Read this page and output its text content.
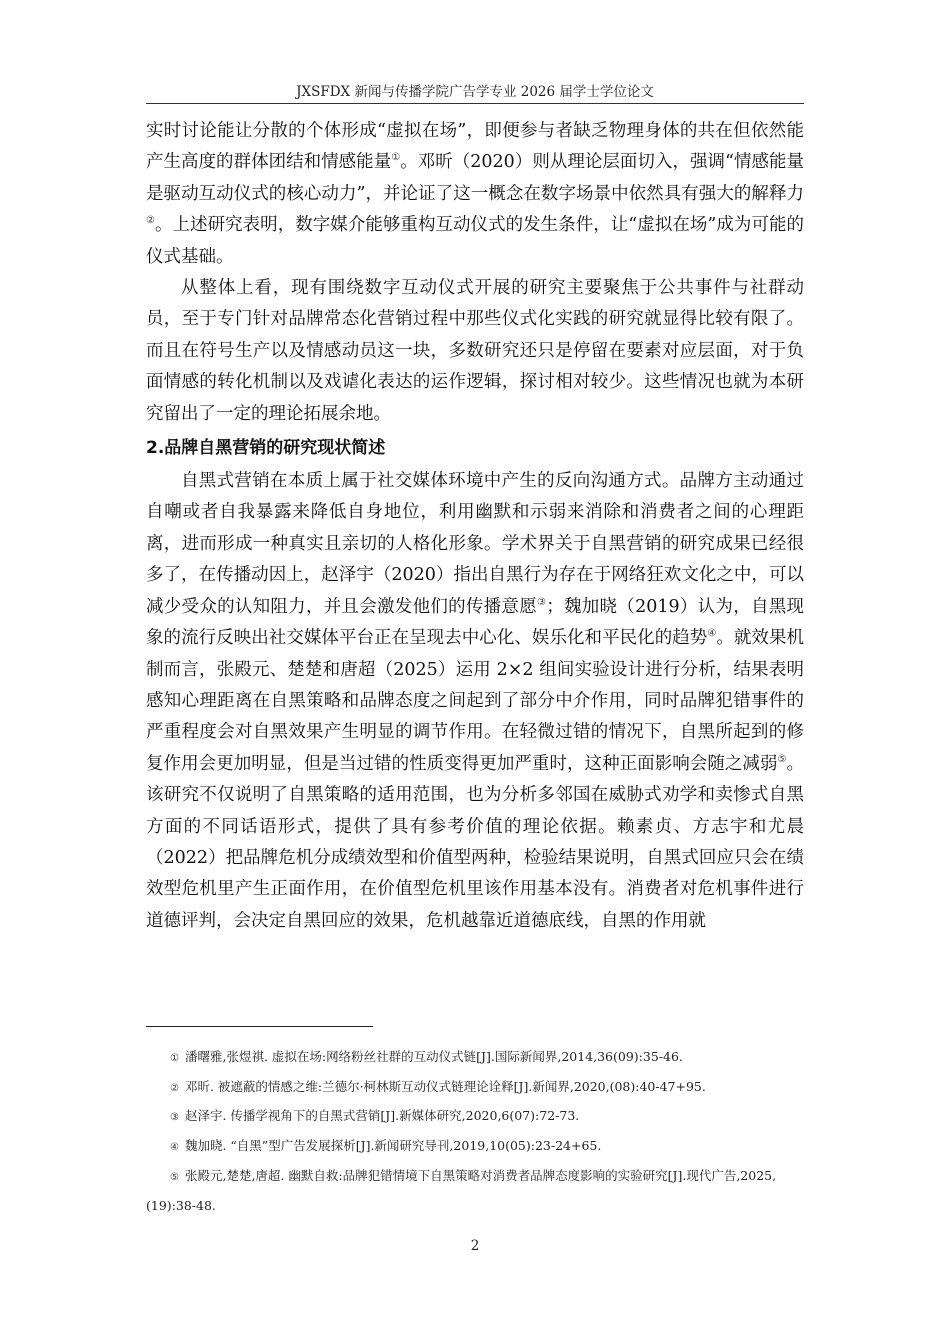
JXSFDX 新闻与传播学院广告学专业 2026 届学士学位论文

实时讨论能让分散的个体形成“虚拟在场”，即便参与者缺乏物理身体的共在但依然能产生高度的群体团结和情感能量①。邓昕（2020）则从理论层面切入，强调“情感能量是驱动互动仪式的核心动力”，并论证了这一概念在数字场景中依然具有强大的解释力②。上述研究表明，数字媒介能够重构互动仪式的发生条件，让“虚拟在场”成为可能的仪式基础。

从整体上看，现有围绕数字互动仪式开展的研究主要聚焦于公共事件与社群动员，至于专门针对品牌常态化营销过程中那些仪式化实践的研究就显得比较有限了。而且在符号生产以及情感动员这一块，多数研究还只是停留在要素对应层面，对于负面情感的转化机制以及戏谑化表达的运作逻辑，探讨相对较少。这些情况也就为本研究留出了一定的理论拓展余地。

2.品牌自黑营销的研究现状简述

自黑式营销在本质上属于社交媒体环境中产生的反向沟通方式。品牌方主动通过自嘲或者自我暴露来降低自身地位，利用幽默和示弱来消除和消费者之间的心理距离，进而形成一种真实且亲切的人格化形象。学术界关于自黑营销的研究成果已经很多了，在传播动因上，赵泽宇（2020）指出自黑行为存在于网络狂欢文化之中，可以减少受众的认知阻力，并且会激发他们的传播意愿③；魏加晓（2019）认为，自黑现象的流行反映出社交媒体平台正在呈现去中心化、娱乐化和平民化的趋势④。就效果机制而言，张殿元、楚楚和唐超（2025）运用 2×2 组间实验设计进行分析，结果表明感知心理距离在自黑策略和品牌态度之间起到了部分中介作用，同时品牌犯错事件的严重程度会对自黑效果产生明显的调节作用。在轻微过错的情况下，自黑所起到的修复作用会更加明显，但是当过错的性质变得更加严重时，这种正面影响会随之减弱⑤。该研究不仅说明了自黑策略的适用范围，也为分析多邻国在威胁式劝学和卖惨式自黑方面的不同话语形式，提供了具有参考价值的理论依据。赖素贞、方志宇和尤晨（2022）把品牌危机分成绩效型和价值型两种，检验结果说明，自黑式回应只会在绩效型危机里产生正面作用，在价值型危机里该作用基本没有。消费者对危机事件进行道德评判，会决定自黑回应的效果，危机越靠近道德底线，自黑的作用就

① 潘曙雅,张煜祺. 虚拟在场:网络粉丝社群的互动仪式链[J].国际新闻界,2014,36(09):35-46.

② 邓昕. 被遮蔽的情感之维:兰德尔·柯林斯互动仪式链理论诠释[J].新闻界,2020,(08):40-47+95.

③ 赵泽宇. 传播学视角下的自黑式营销[J].新媒体研究,2020,6(07):72-73.

④ 魏加晓. “自黑”型广告发展探析[J].新闻研究导刊,2019,10(05):23-24+65.

⑤ 张殿元,楚楚,唐超. 幽默自救:品牌犯错情境下自黑策略对消费者品牌态度影响的实验研究[J].现代广告,2025,(19):38-48.

2
